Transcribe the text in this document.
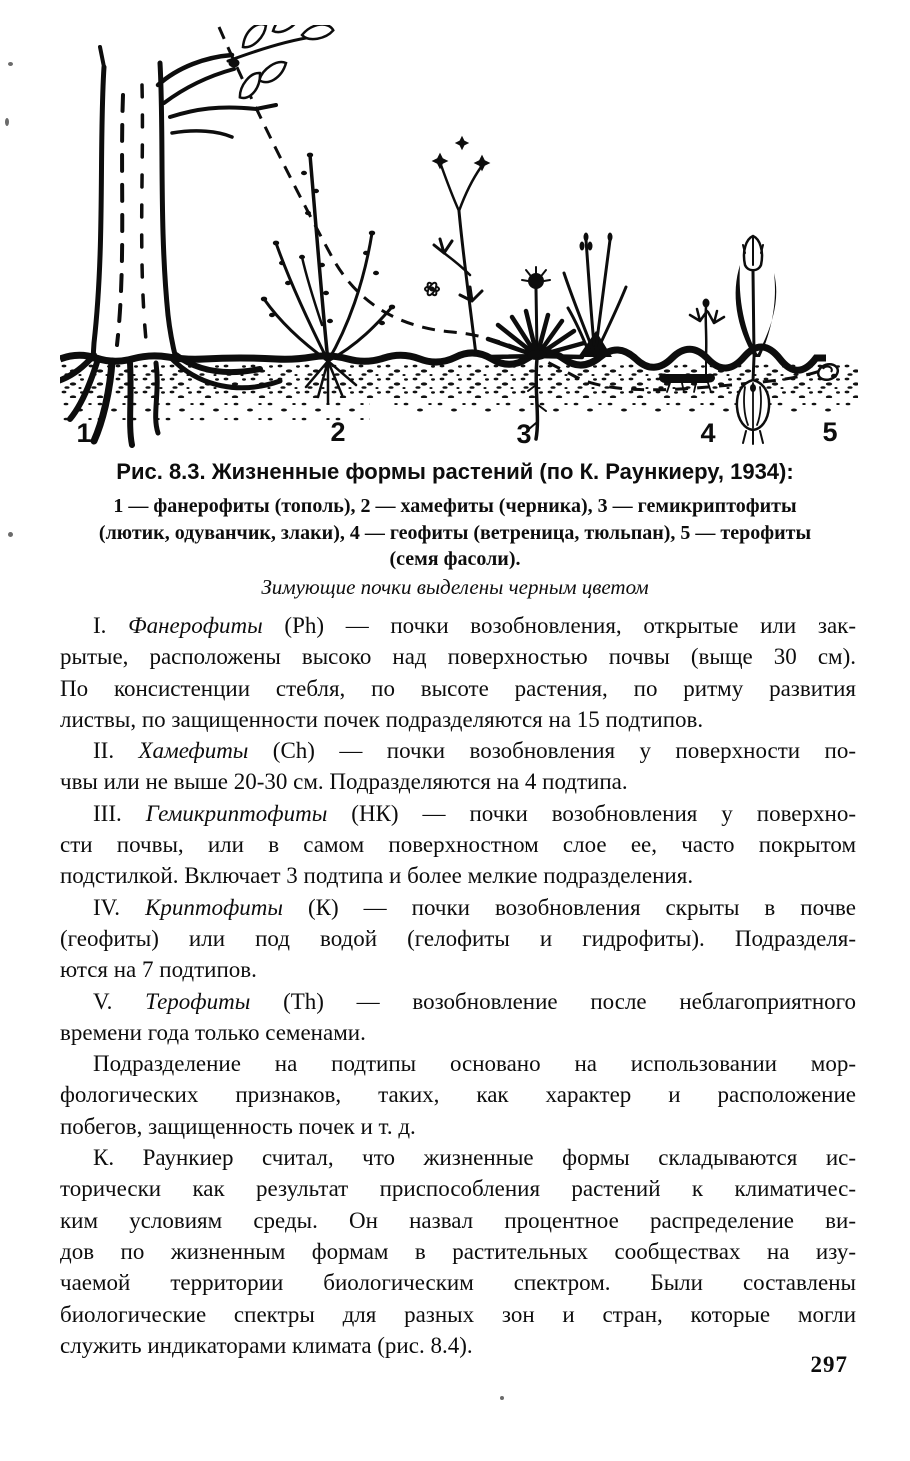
1	2	3	4	5
Рис. 8.3. Жизненные формы растений (по К. Раункиеру, 1934):
1 — фанерофиты (тополь), 2 — хамефиты (черника), 3 — гемикриптофиты
(лютик, одуванчик, злаки), 4 — геофиты (ветреница, тюльпан), 5 — терофиты
(семя фасоли).
Зимующие почки выделены черным цветом
I. Фанерофиты (Ph) — почки возобновления, открытые или зак-
рытые, расположены высоко над поверхностью почвы (выще 30 см).
По консистенции стебля, по высоте растения, по ритму развития
листвы, по защищенности почек подразделяются на 15 подтипов.
II. Хамефиты (Ch) — почки возобновления у поверхности по-
чвы или не выше 20-30 см. Подразделяются на 4 подтипа.
III. Гемикриптофиты (НК) — почки возобновления у поверхно-
сти почвы, или в самом поверхностном слое ее, часто покрытом
подстилкой. Включает 3 подтипа и более мелкие подразделения.
IV. Криптофиты (К) — почки возобновления скрыты в почве
(геофиты) или под водой (гелофиты и гидрофиты). Подразделя-
ются на 7 подтипов.
V. Терофиты (Th) — возобновление после неблагоприятного
времени года только семенами.
Подразделение на подтипы основано на использовании мор-
фологических признаков, таких, как характер и расположение
побегов, защищенность почек и т. д.
К. Раункиер считал, что жизненные формы складываются ис-
торически как результат приспособления растений к климатичес-
ким условиям среды. Он назвал процентное распределение ви-
дов по жизненным формам в растительных сообществах на изу-
чаемой территории биологическим спектром. Были составлены
биологические спектры для разных зон и стран, которые могли
служить индикаторами климата (рис. 8.4).
297
